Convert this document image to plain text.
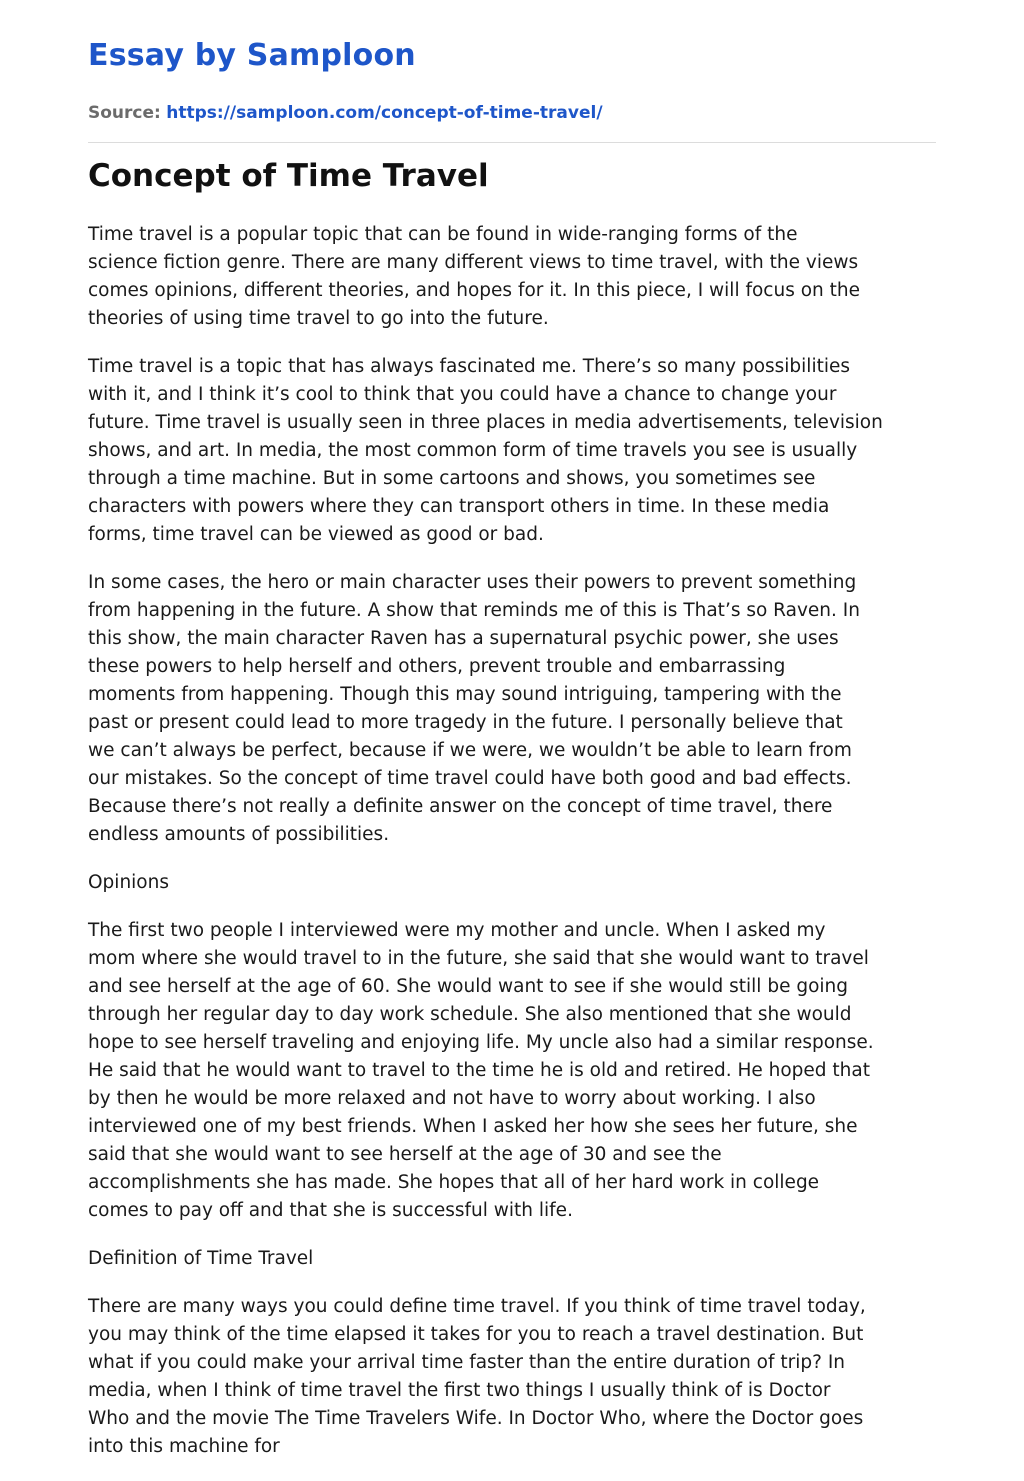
Essay by Samploon
Source: https://samploon.com/concept-of-time-travel/
Concept of Time Travel

Time travel is a popular topic that can be found in wide-ranging forms of the
science fiction genre. There are many different views to time travel, with the views
comes opinions, different theories, and hopes for it. In this piece, I will focus on the
theories of using time travel to go into the future.

Time travel is a topic that has always fascinated me. There’s so many possibilities
with it, and I think it’s cool to think that you could have a chance to change your
future. Time travel is usually seen in three places in media advertisements, television
shows, and art. In media, the most common form of time travels you see is usually
through a time machine. But in some cartoons and shows, you sometimes see
characters with powers where they can transport others in time. In these media
forms, time travel can be viewed as good or bad.

In some cases, the hero or main character uses their powers to prevent something
from happening in the future. A show that reminds me of this is That’s so Raven. In
this show, the main character Raven has a supernatural psychic power, she uses
these powers to help herself and others, prevent trouble and embarrassing
moments from happening. Though this may sound intriguing, tampering with the
past or present could lead to more tragedy in the future. I personally believe that
we can’t always be perfect, because if we were, we wouldn’t be able to learn from
our mistakes. So the concept of time travel could have both good and bad effects.
Because there’s not really a definite answer on the concept of time travel, there
endless amounts of possibilities.

Opinions

The first two people I interviewed were my mother and uncle. When I asked my
mom where she would travel to in the future, she said that she would want to travel
and see herself at the age of 60. She would want to see if she would still be going
through her regular day to day work schedule. She also mentioned that she would
hope to see herself traveling and enjoying life. My uncle also had a similar response.
He said that he would want to travel to the time he is old and retired. He hoped that
by then he would be more relaxed and not have to worry about working. I also
interviewed one of my best friends. When I asked her how she sees her future, she
said that she would want to see herself at the age of 30 and see the
accomplishments she has made. She hopes that all of her hard work in college
comes to pay off and that she is successful with life.

Definition of Time Travel

There are many ways you could define time travel. If you think of time travel today,
you may think of the time elapsed it takes for you to reach a travel destination. But
what if you could make your arrival time faster than the entire duration of trip? In
media, when I think of time travel the first two things I usually think of is Doctor
Who and the movie The Time Travelers Wife. In Doctor Who, where the Doctor goes
into this machine for
